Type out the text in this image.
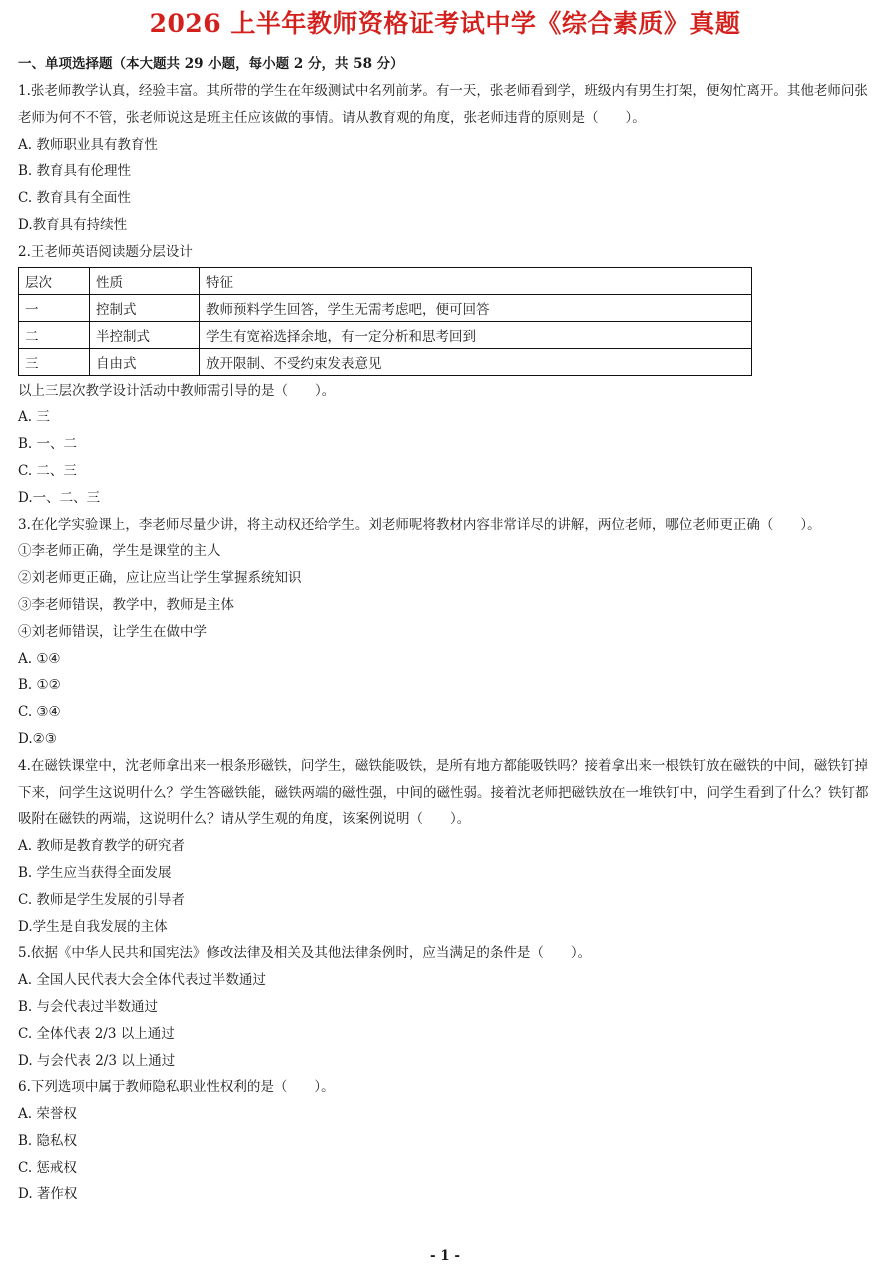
2026 上半年教师资格证考试中学《综合素质》真题
一、单项选择题（本大题共 29 小题，每小题 2 分，共 58 分）
1.张老师教学认真，经验丰富。其所带的学生在年级测试中名列前茅。有一天，张老师看到学，班级内有男生打架，便匆忙离开。其他老师问张老师为何不不管，张老师说这是班主任应该做的事情。请从教育观的角度，张老师违背的原则是（　　）。
A. 教师职业具有教育性
B. 教育具有伦理性
C. 教育具有全面性
D.教育具有持续性
2.王老师英语阅读题分层设计
层次	性质	特征
一	控制式	教师预料学生回答，学生无需考虑吧，便可回答
二	半控制式	学生有宽裕选择余地，有一定分析和思考回到
三	自由式	放开限制、不受约束发表意见
以上三层次教学设计活动中教师需引导的是（　　）。
A. 三
B. 一、二
C. 二、三
D.一、二、三
3.在化学实验课上，李老师尽量少讲，将主动权还给学生。刘老师呢将教材内容非常详尽的讲解，两位老师，哪位老师更正确（　　）。
①李老师正确，学生是课堂的主人
②刘老师更正确，应让应当让学生掌握系统知识
③李老师错误，教学中，教师是主体
④刘老师错误，让学生在做中学
A. ①④
B. ①②
C. ③④
D.②③
4.在磁铁课堂中，沈老师拿出来一根条形磁铁，问学生，磁铁能吸铁，是所有地方都能吸铁吗？接着拿出来一根铁钉放在磁铁的中间，磁铁钉掉下来，问学生这说明什么？学生答磁铁能，磁铁两端的磁性强，中间的磁性弱。接着沈老师把磁铁放在一堆铁钉中，问学生看到了什么？铁钉都吸附在磁铁的两端，这说明什么？请从学生观的角度，该案例说明（　　）。
A. 教师是教育教学的研究者
B. 学生应当获得全面发展
C. 教师是学生发展的引导者
D.学生是自我发展的主体
5.依据《中华人民共和国宪法》修改法律及相关及其他法律条例时，应当满足的条件是（　　）。
A. 全国人民代表大会全体代表过半数通过
B. 与会代表过半数通过
C. 全体代表 2/3 以上通过
D. 与会代表 2/3 以上通过
6.下列选项中属于教师隐私职业性权利的是（　　）。
A. 荣誉权
B. 隐私权
C. 惩戒权
D. 著作权
- 1 -
